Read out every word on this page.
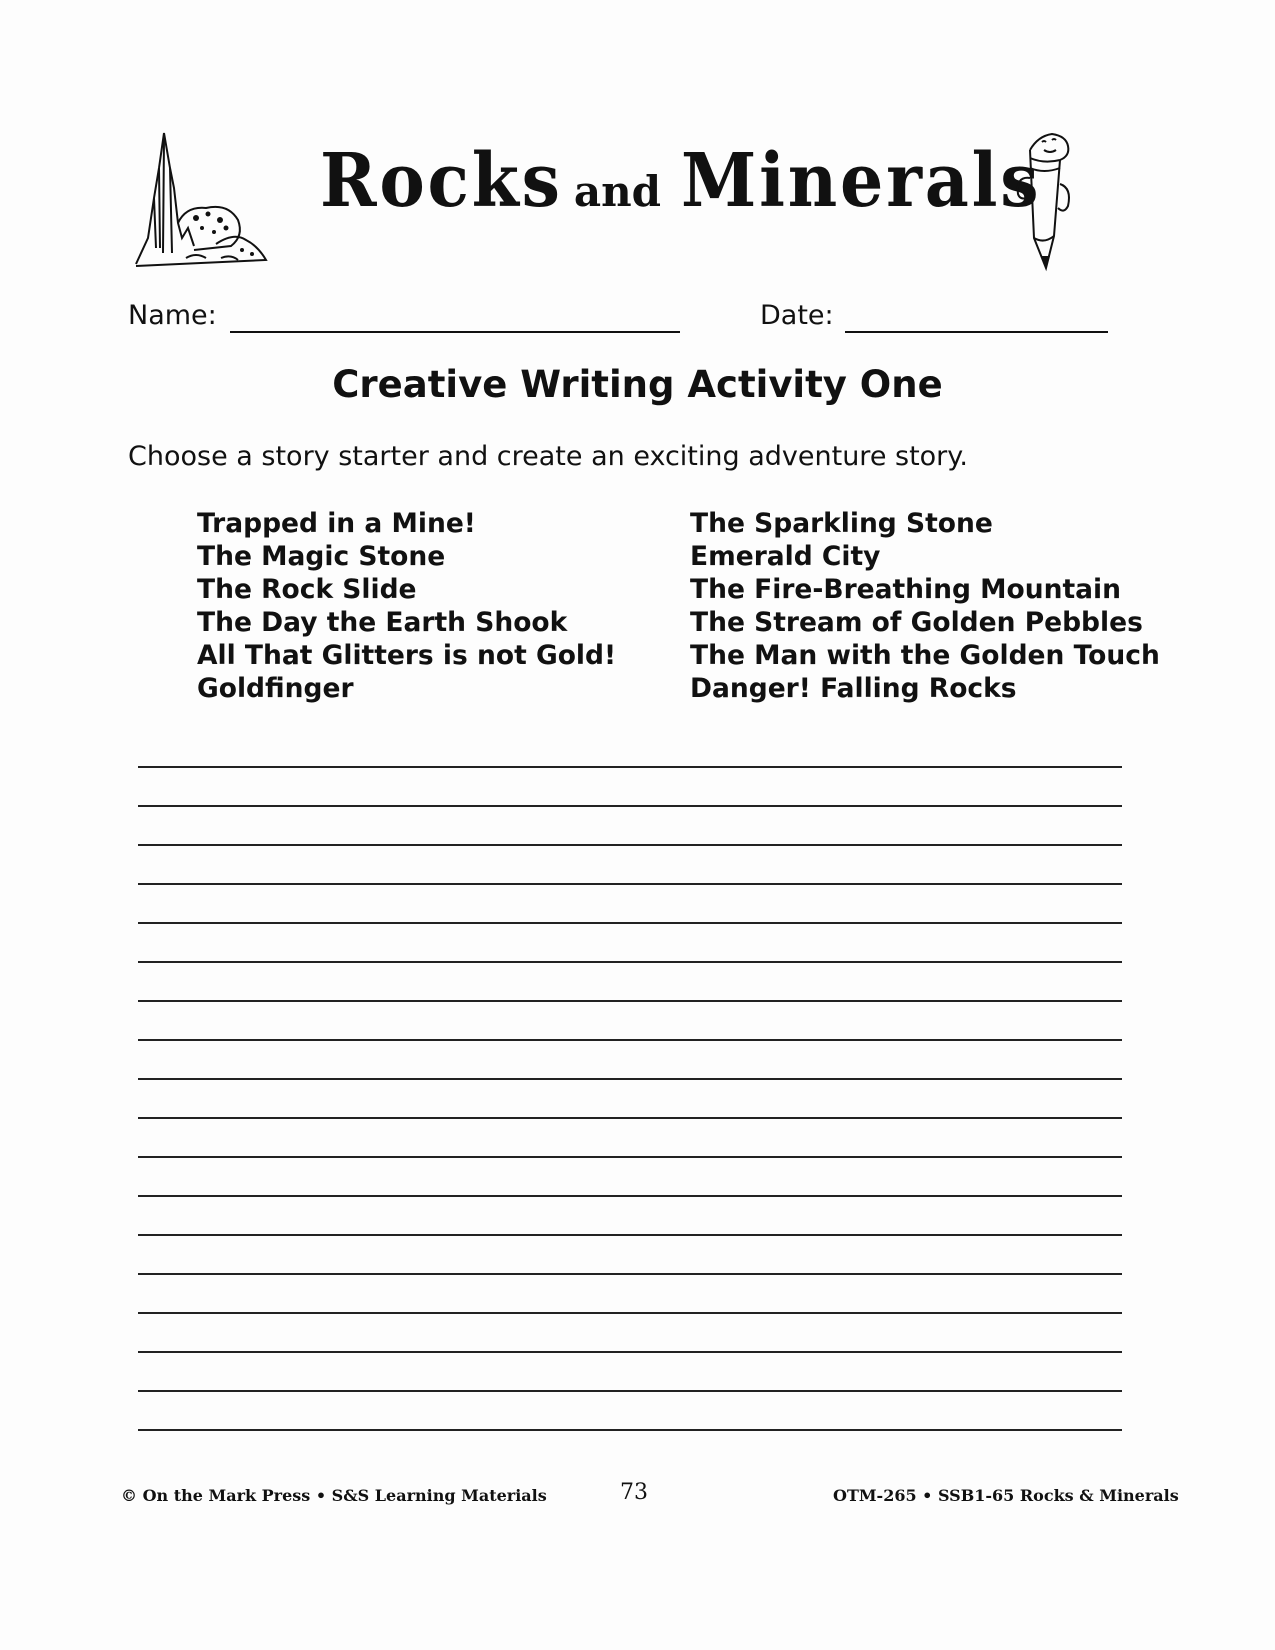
Rocks and Minerals
Name:	Date:
Creative Writing Activity One
Choose a story starter and create an exciting adventure story.
Trapped in a Mine!
The Magic Stone
The Rock Slide
The Day the Earth Shook
All That Glitters is not Gold!
Goldfinger
The Sparkling Stone
Emerald City
The Fire-Breathing Mountain
The Stream of Golden Pebbles
The Man with the Golden Touch
Danger! Falling Rocks
© On the Mark Press • S&S Learning Materials	73	OTM-265 • SSB1-65 Rocks & Minerals
